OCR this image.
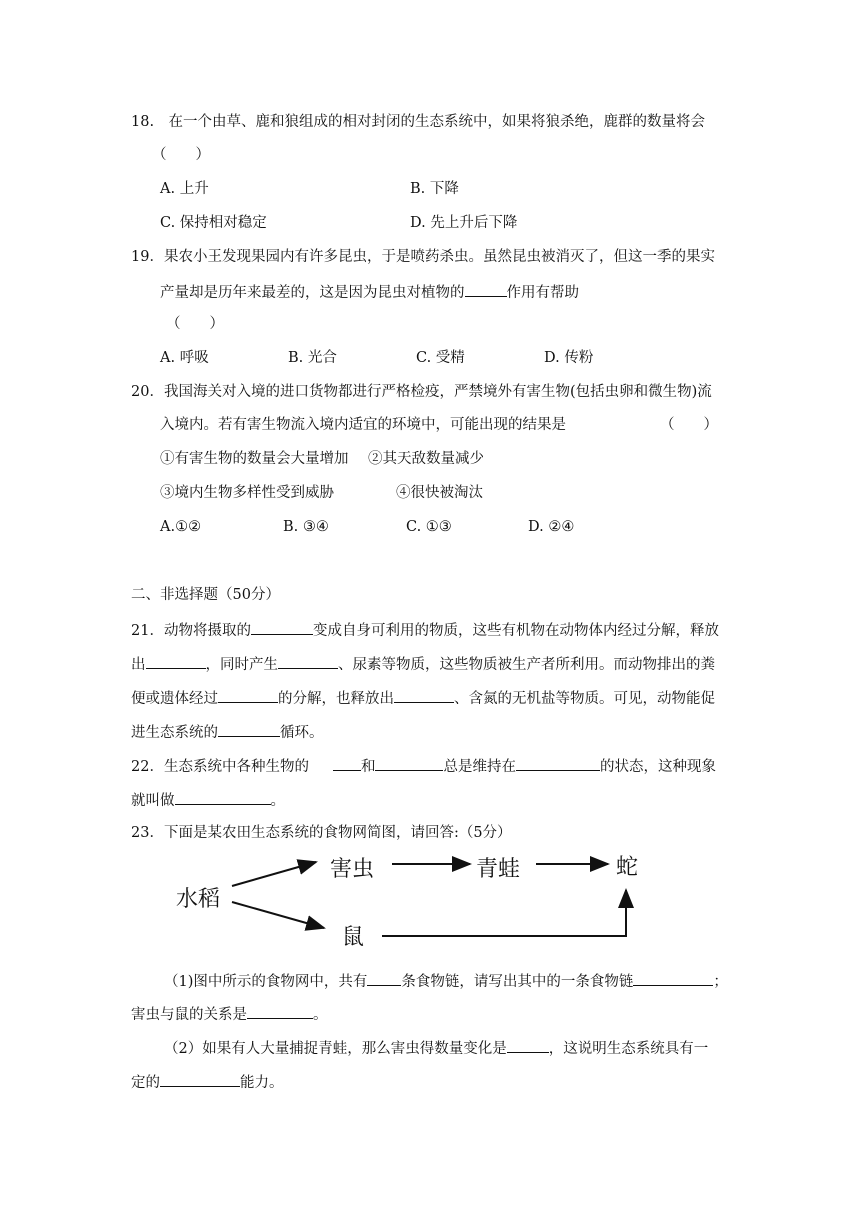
18.　在一个由草、鹿和狼组成的相对封闭的生态系统中，如果将狼杀绝，鹿群的数量将会
（　　）
A. 上升	B. 下降
C. 保持相对稳定	D. 先上升后下降
19．果农小王发现果园内有许多昆虫，于是喷药杀虫。虽然昆虫被消灭了，但这一季的果实
产量却是历年来最差的，这是因为昆虫对植物的	作用有帮助
（　　）
A. 呼吸	B. 光合	C. 受精	D. 传粉
20．我国海关对入境的进口货物都进行严格检疫，严禁境外有害生物(包括虫卵和微生物)流
入境内。若有害生物流入境内适宜的环境中，可能出现的结果是	（　　）
①有害生物的数量会大量增加 ②其天敌数量减少
③境内生物多样性受到威胁	④很快被淘汰
A.①②	B. ③④	C. ①③	D. ②④
二、非选择题（50分）
21．动物将摄取的	变成自身可利用的物质，这些有机物在动物体内经过分解，释放
出	，同时产生	、尿素等物质，这些物质被生产者所利用。而动物排出的粪
便或遗体经过	的分解，也释放出	、含氮的无机盐等物质。可见，动物能促
进生态系统的	循环。
22．生态系统中各种生物的	和	总是维持在	的状态，这种现象
就叫做	。
23．下面是某农田生态系统的食物网简图，请回答:（5分）
水稻
害虫	青蛙	蛇
鼠
（1)图中所示的食物网中，共有 条食物链，请写出其中的一条食物链	；
害虫与鼠的关系是	。
（2）如果有人大量捕捉青蛙，那么害虫得数量变化是	，这说明生态系统具有一
定的	能力。
